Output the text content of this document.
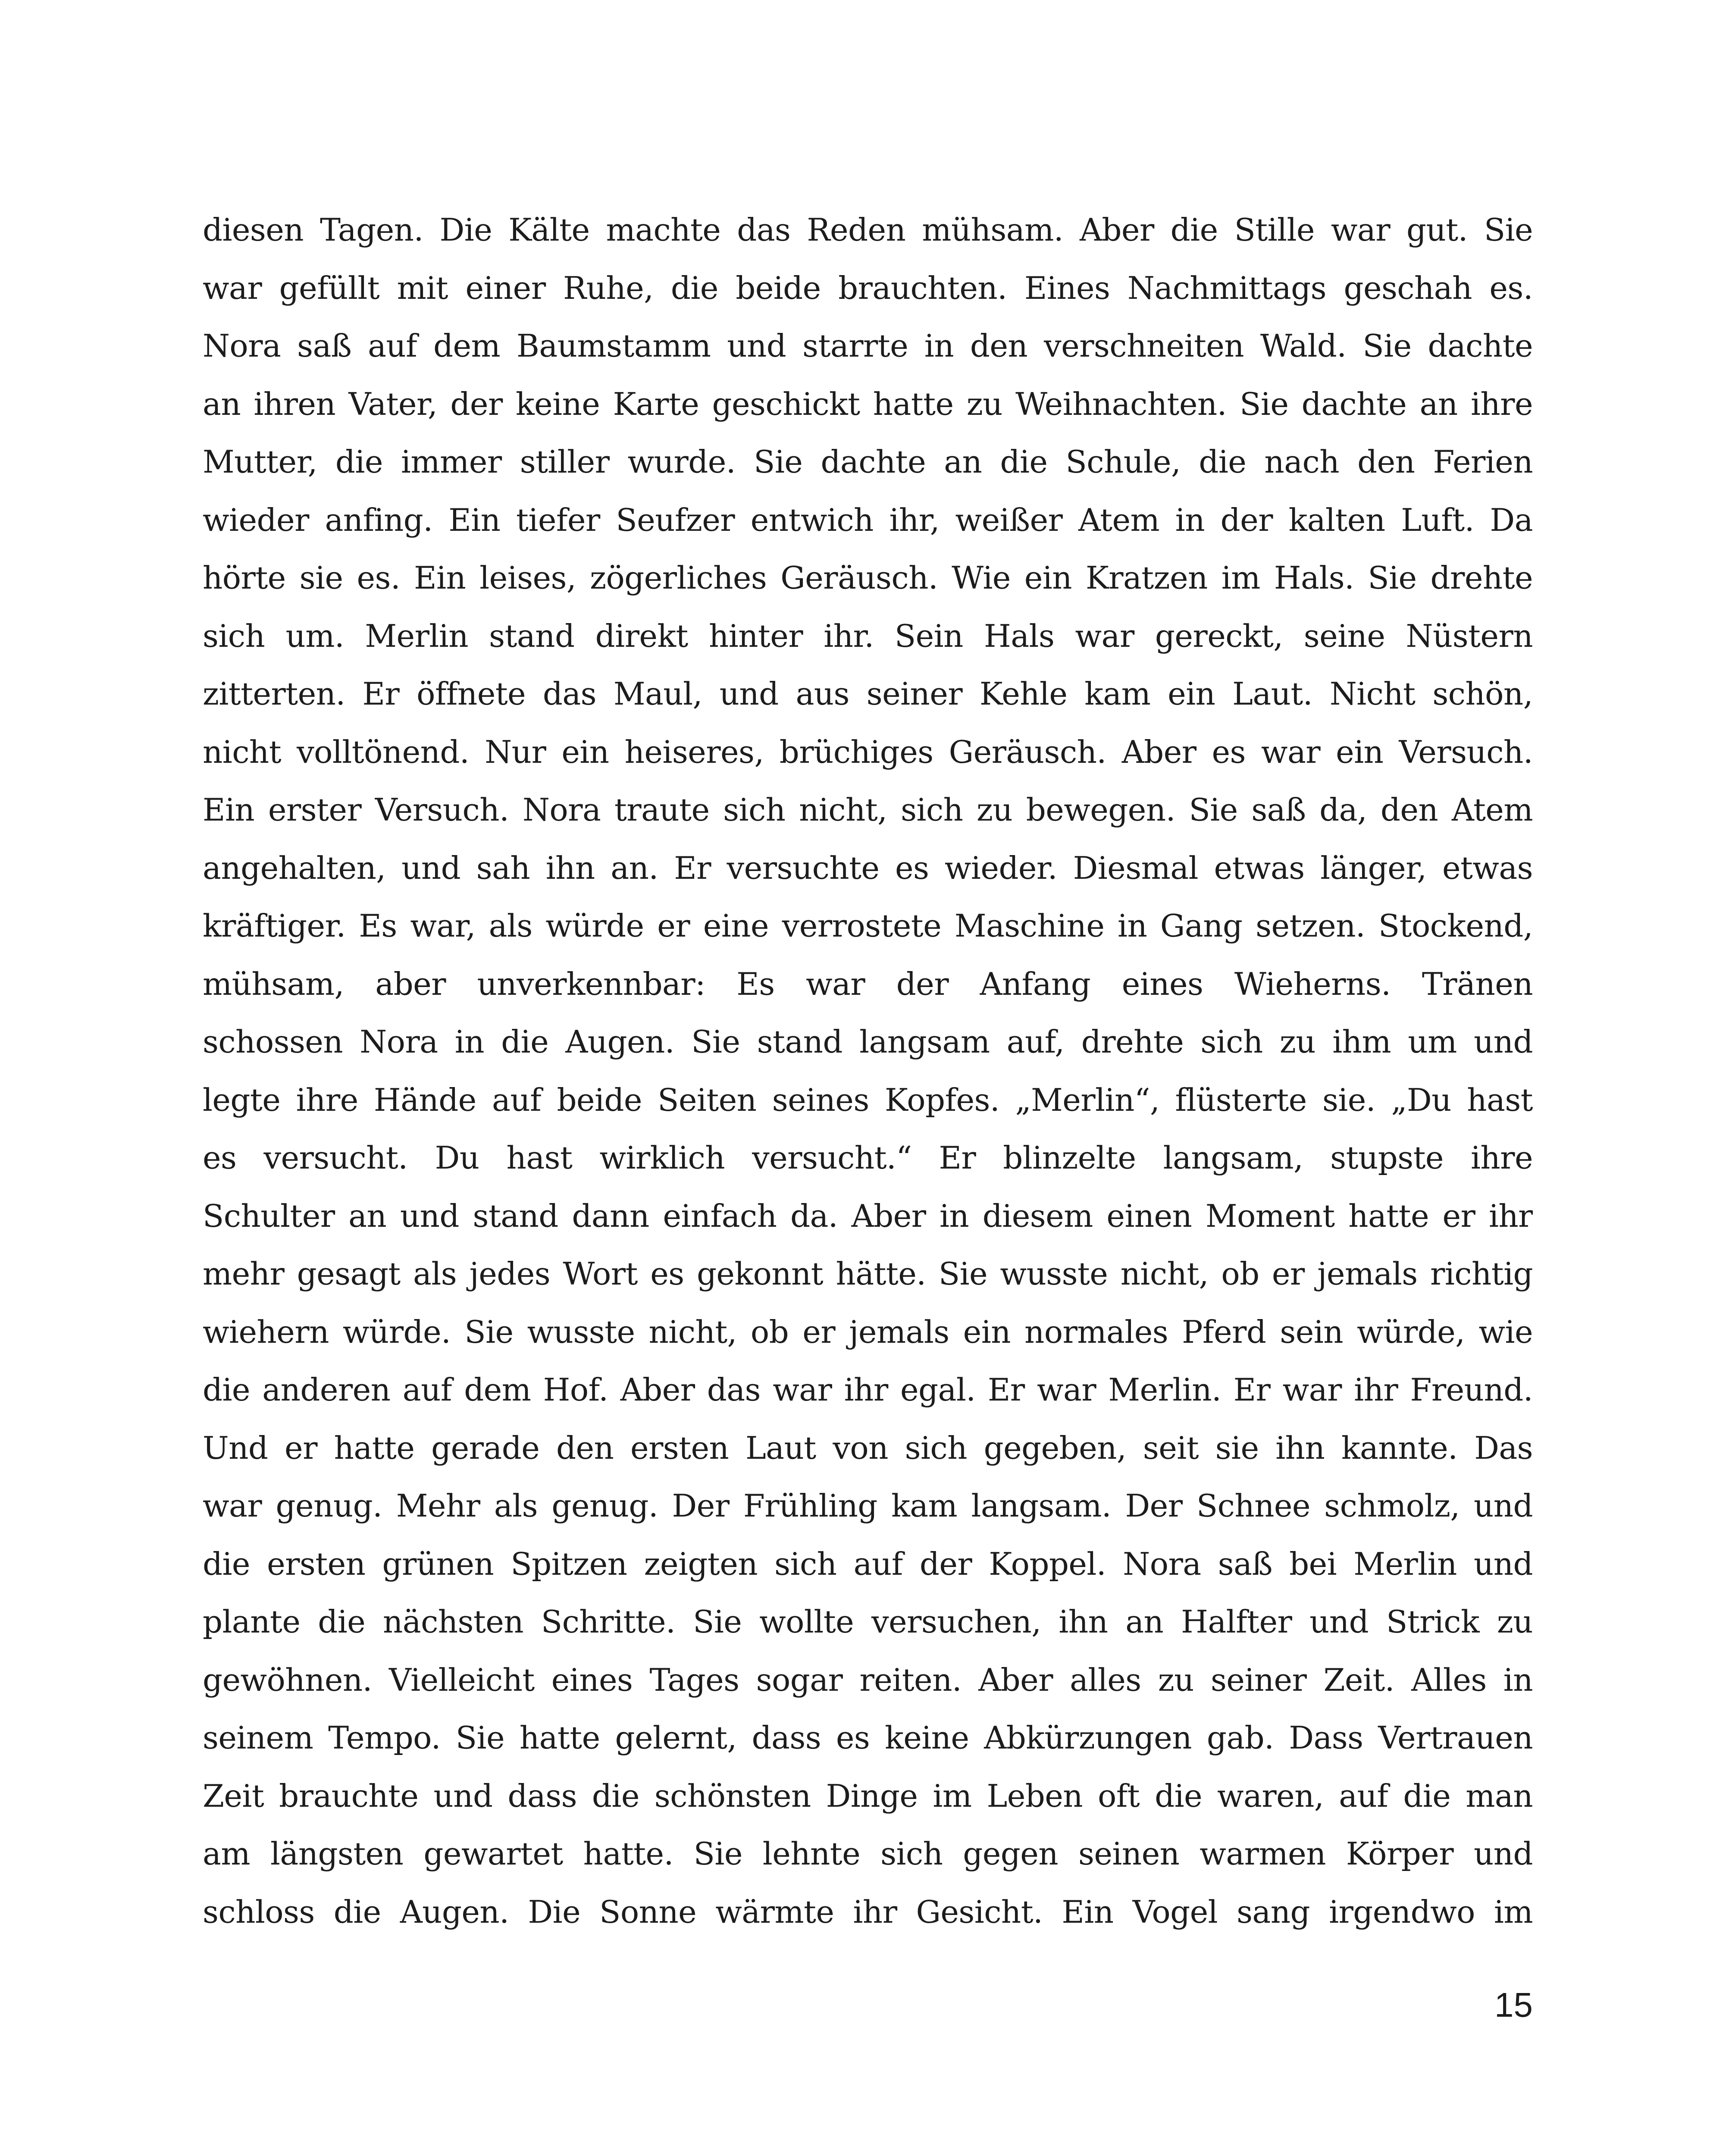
diesen Tagen. Die Kälte machte das Reden mühsam. Aber die Stille war gut. Sie
war gefüllt mit einer Ruhe, die beide brauchten. Eines Nachmittags geschah es.
Nora saß auf dem Baumstamm und starrte in den verschneiten Wald. Sie dachte
an ihren Vater, der keine Karte geschickt hatte zu Weihnachten. Sie dachte an ihre
Mutter, die immer stiller wurde. Sie dachte an die Schule, die nach den Ferien
wieder anfing. Ein tiefer Seufzer entwich ihr, weißer Atem in der kalten Luft. Da
hörte sie es. Ein leises, zögerliches Geräusch. Wie ein Kratzen im Hals. Sie drehte
sich um. Merlin stand direkt hinter ihr. Sein Hals war gereckt, seine Nüstern
zitterten. Er öffnete das Maul, und aus seiner Kehle kam ein Laut. Nicht schön,
nicht volltönend. Nur ein heiseres, brüchiges Geräusch. Aber es war ein Versuch.
Ein erster Versuch. Nora traute sich nicht, sich zu bewegen. Sie saß da, den Atem
angehalten, und sah ihn an. Er versuchte es wieder. Diesmal etwas länger, etwas
kräftiger. Es war, als würde er eine verrostete Maschine in Gang setzen. Stockend,
mühsam, aber unverkennbar: Es war der Anfang eines Wieherns. Tränen
schossen Nora in die Augen. Sie stand langsam auf, drehte sich zu ihm um und
legte ihre Hände auf beide Seiten seines Kopfes. „Merlin“, flüsterte sie. „Du hast
es versucht. Du hast wirklich versucht.“ Er blinzelte langsam, stupste ihre
Schulter an und stand dann einfach da. Aber in diesem einen Moment hatte er ihr
mehr gesagt als jedes Wort es gekonnt hätte. Sie wusste nicht, ob er jemals richtig
wiehern würde. Sie wusste nicht, ob er jemals ein normales Pferd sein würde, wie
die anderen auf dem Hof. Aber das war ihr egal. Er war Merlin. Er war ihr Freund.
Und er hatte gerade den ersten Laut von sich gegeben, seit sie ihn kannte. Das
war genug. Mehr als genug. Der Frühling kam langsam. Der Schnee schmolz, und
die ersten grünen Spitzen zeigten sich auf der Koppel. Nora saß bei Merlin und
plante die nächsten Schritte. Sie wollte versuchen, ihn an Halfter und Strick zu
gewöhnen. Vielleicht eines Tages sogar reiten. Aber alles zu seiner Zeit. Alles in
seinem Tempo. Sie hatte gelernt, dass es keine Abkürzungen gab. Dass Vertrauen
Zeit brauchte und dass die schönsten Dinge im Leben oft die waren, auf die man
am längsten gewartet hatte. Sie lehnte sich gegen seinen warmen Körper und
schloss die Augen. Die Sonne wärmte ihr Gesicht. Ein Vogel sang irgendwo im
15
